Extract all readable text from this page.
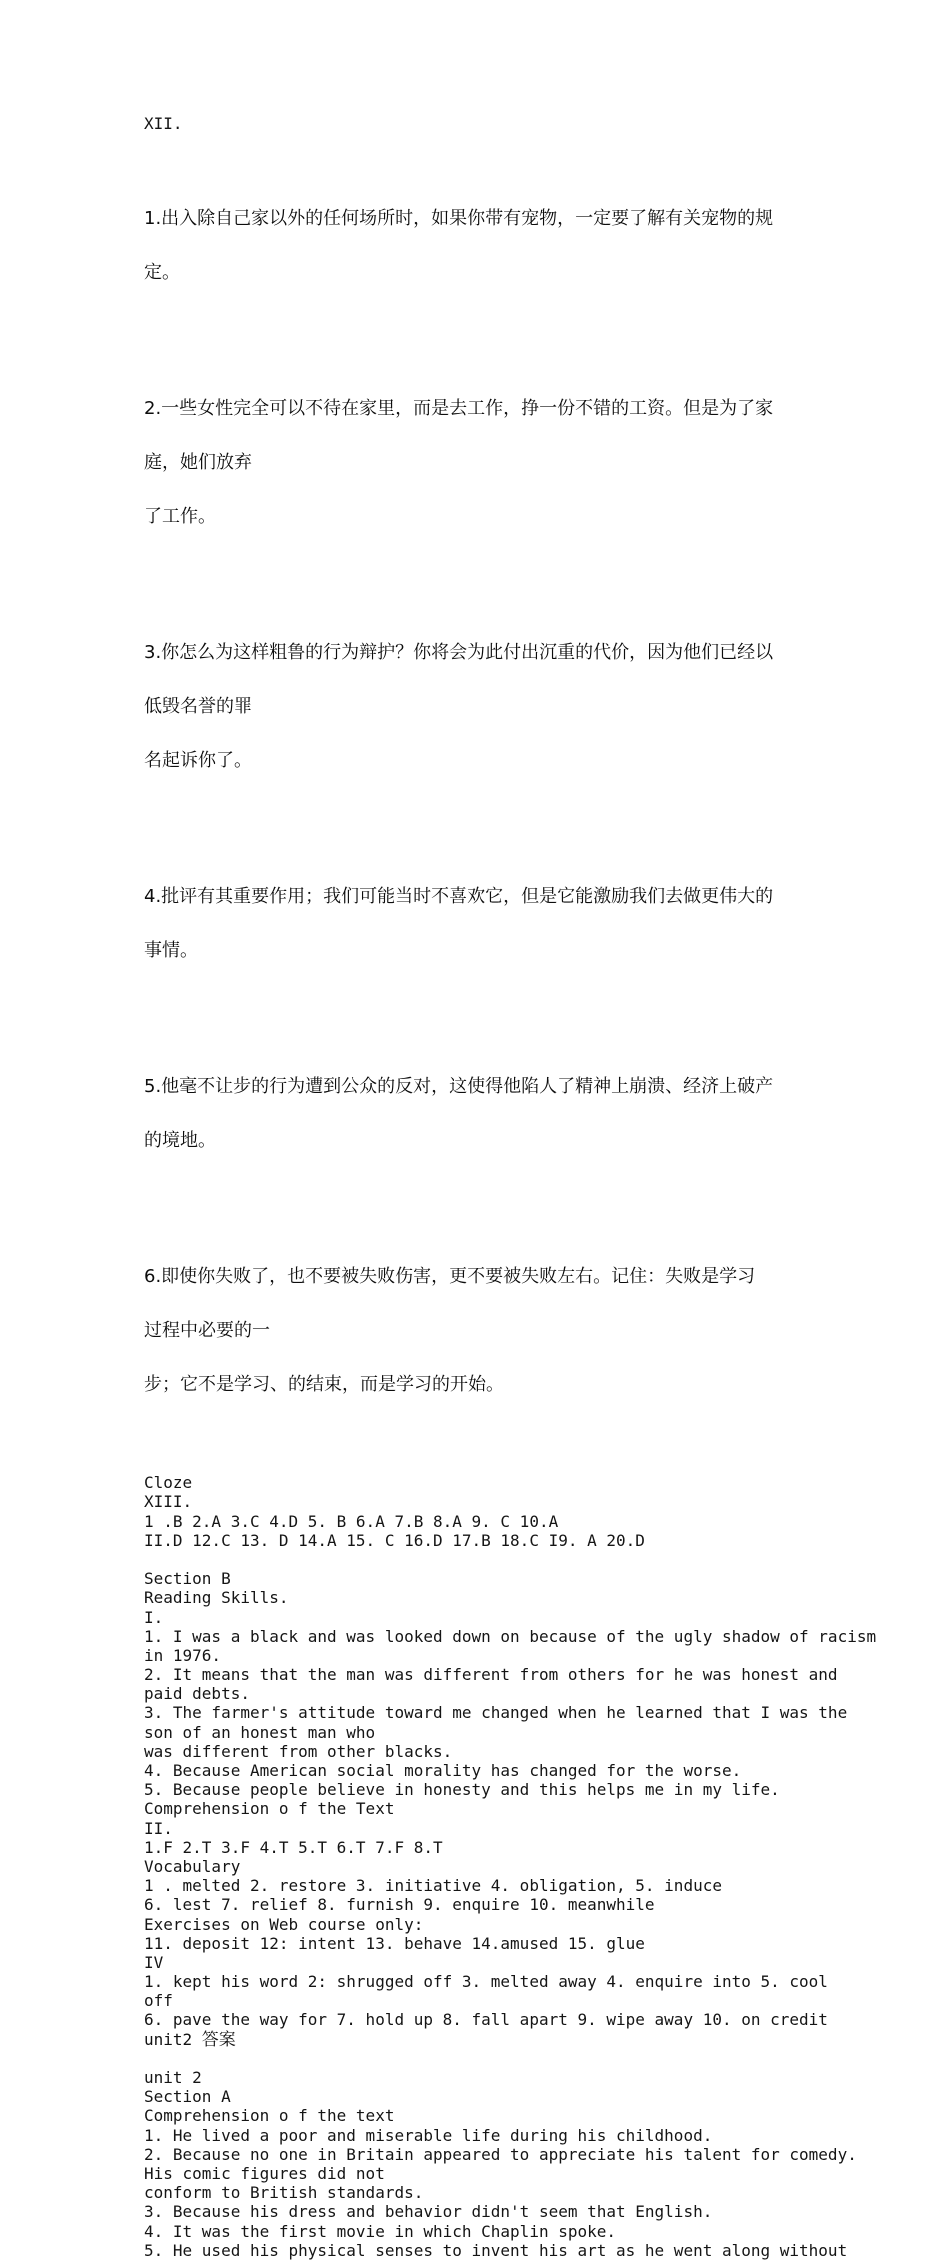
XII.

1.出入除自己家以外的任何场所时，如果你带有宠物，一定要了解有关宠物的规

定。

2.一些女性完全可以不待在家里，而是去工作，挣一份不错的工资。但是为了家

庭，她们放弃

了工作。

3.你怎么为这样粗鲁的行为辩护？你将会为此付出沉重的代价，因为他们已经以

低毁名誉的罪

名起诉你了。

4.批评有其重要作用；我们可能当时不喜欢它，但是它能激励我们去做更伟大的

事情。

5.他毫不让步的行为遭到公众的反对，这使得他陷人了精神上崩溃、经济上破产

的境地。

6.即使你失败了，也不要被失败伤害，更不要被失败左右。记住：失败是学习

过程中必要的一

步；它不是学习、的结束，而是学习的开始。

Cloze
XIII.
1 .B 2.A 3.C 4.D 5. B 6.A 7.B 8.A 9. C 10.A
II.D 12.C 13. D 14.A 15. C 16.D 17.B 18.C I9. A 20.D
Section B
Reading Skills.
I.
1. I was a black and was looked down on because of the ugly shadow of racism
in 1976.
2. It means that the man was different from others for he was honest and
paid debts.
3. The farmer's attitude toward me changed when he learned that I was the
son of an honest man who
was different from other blacks.
4. Because American social morality has changed for the worse.
5. Because people believe in honesty and this helps me in my life.
Comprehension o f the Text
II.
1.F 2.T 3.F 4.T 5.T 6.T 7.F 8.T
Vocabulary
1 . melted 2. restore 3. initiative 4. obligation, 5. induce
6. lest 7. relief 8. furnish 9. enquire 10. meanwhile
Exercises on Web course only:
11. deposit 12: intent 13. behave 14.amused 15. glue
IV
1. kept his word 2: shrugged off 3. melted away 4. enquire into 5. cool
off
6. pave the way for 7. hold up 8. fall apart 9. wipe away 10. on credit
unit2 答案
unit 2
Section A
Comprehension o f the text
1. He lived a poor and miserable life during his childhood.
2. Because no one in Britain appeared to appreciate his talent for comedy.
His comic figures did not
conform to British standards.
3. Because his dress and behavior didn't seem that English.
4. It was the first movie in which Chaplin spoke.
5. He used his physical senses to invent his art as he went along without
